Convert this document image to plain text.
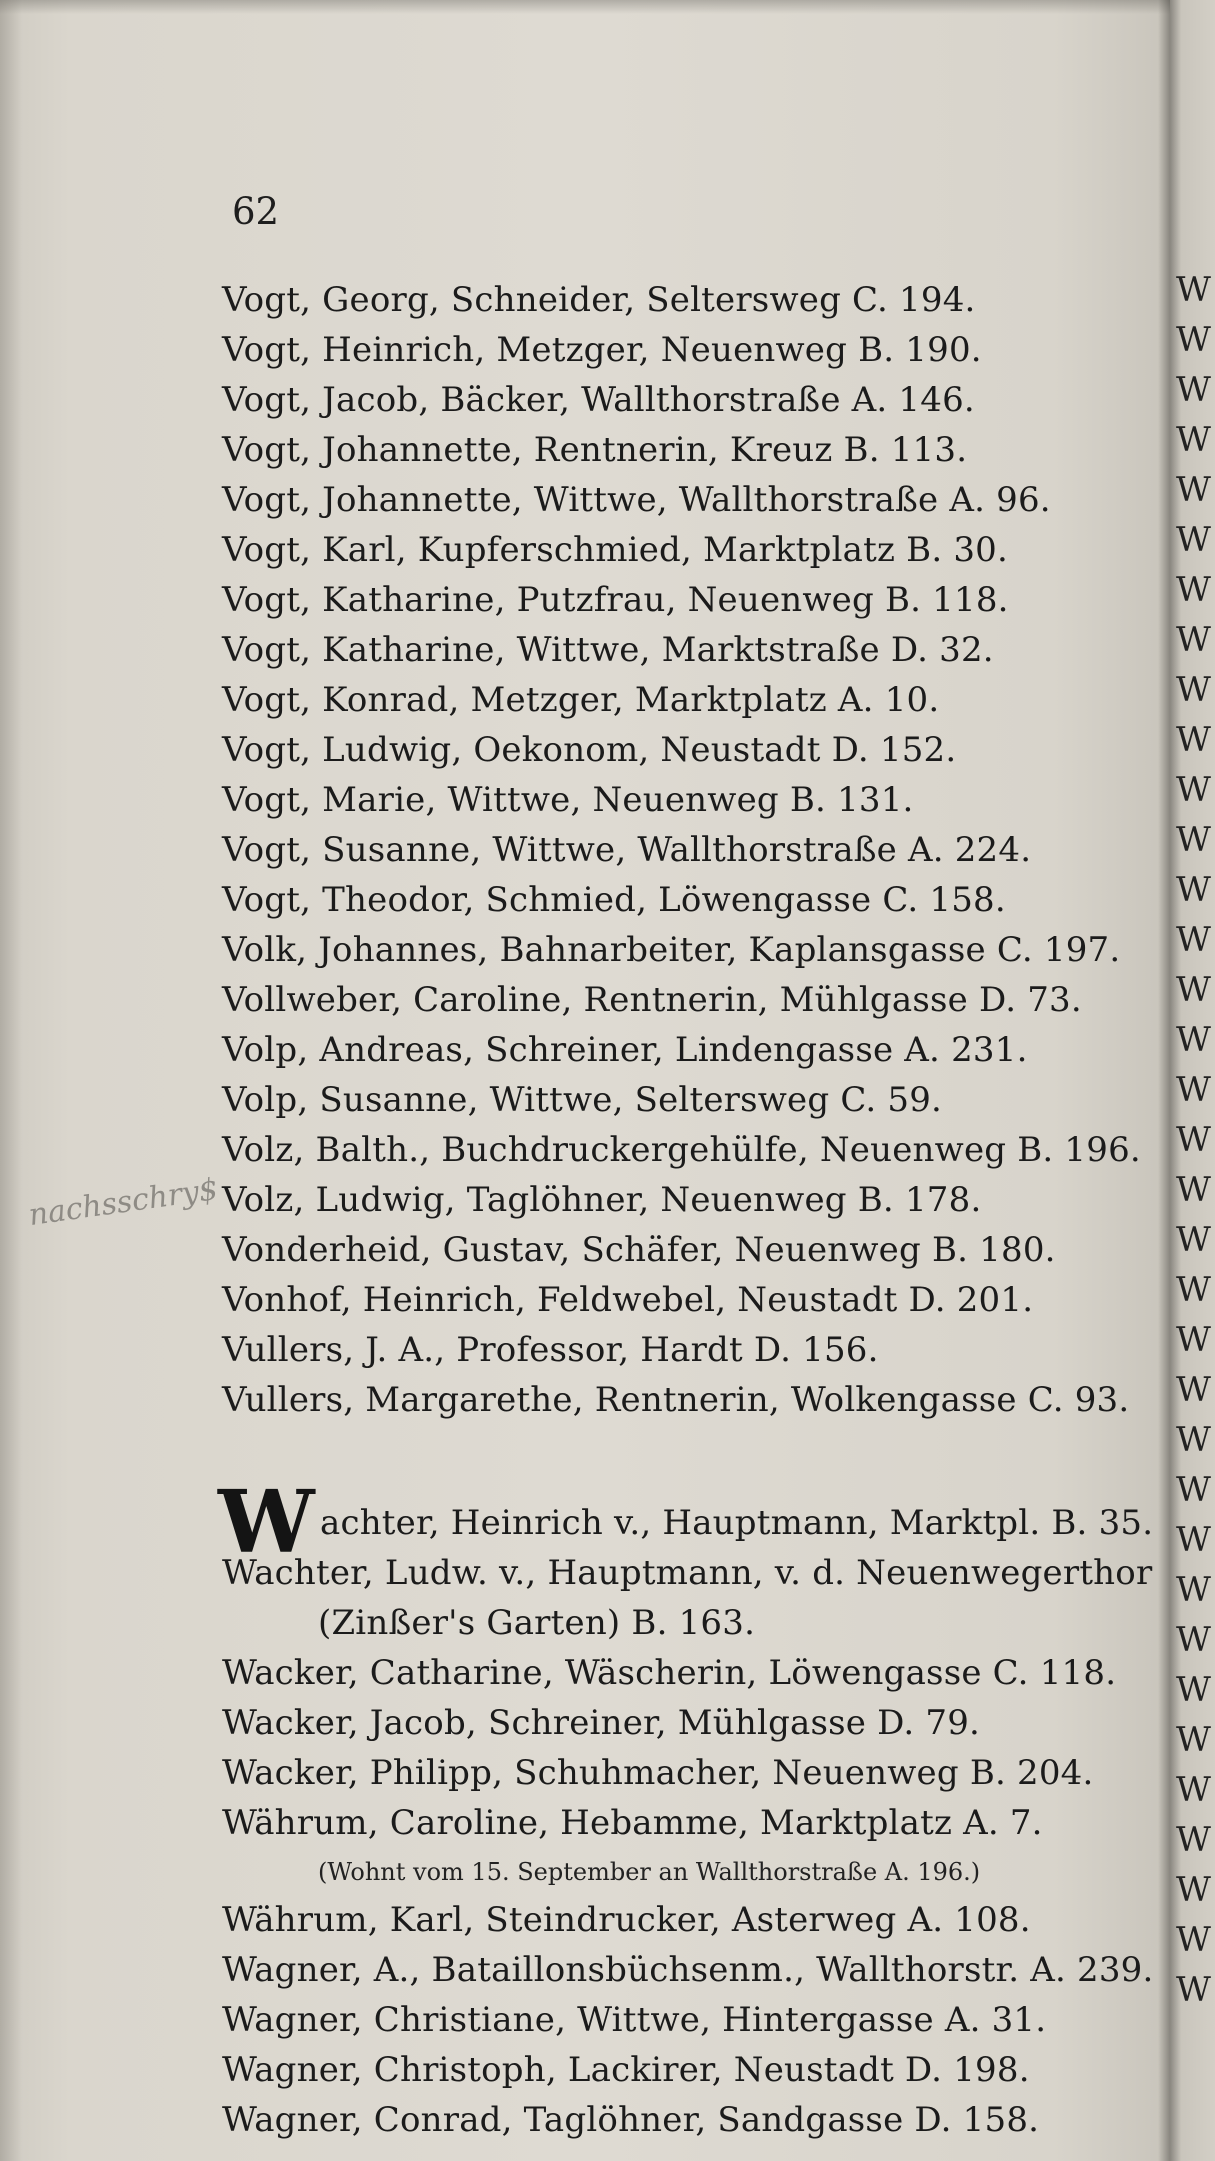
62
Vogt, Georg, Schneider, Seltersweg C. 194.
Vogt, Heinrich, Metzger, Neuenweg B. 190.
Vogt, Jacob, Bäcker, Wallthorstraße A. 146.
Vogt, Johannette, Rentnerin, Kreuz B. 113.
Vogt, Johannette, Wittwe, Wallthorstraße A. 96.
Vogt, Karl, Kupferschmied, Marktplatz B. 30.
Vogt, Katharine, Putzfrau, Neuenweg B. 118.
Vogt, Katharine, Wittwe, Marktstraße D. 32.
Vogt, Konrad, Metzger, Marktplatz A. 10.
Vogt, Ludwig, Oekonom, Neustadt D. 152.
Vogt, Marie, Wittwe, Neuenweg B. 131.
Vogt, Susanne, Wittwe, Wallthorstraße A. 224.
Vogt, Theodor, Schmied, Löwengasse C. 158.
Volk, Johannes, Bahnarbeiter, Kaplansgasse C. 197.
Vollweber, Caroline, Rentnerin, Mühlgasse D. 73.
Volp, Andreas, Schreiner, Lindengasse A. 231.
Volp, Susanne, Wittwe, Seltersweg C. 59.
Volz, Balth., Buchdruckergehülfe, Neuenweg B. 196.
Volz, Ludwig, Taglöhner, Neuenweg B. 178.
Vonderheid, Gustav, Schäfer, Neuenweg B. 180.
Vonhof, Heinrich, Feldwebel, Neustadt D. 201.
Vullers, J. A., Professor, Hardt D. 156.
Vullers, Margarethe, Rentnerin, Wolkengasse C. 93.
nachsschry$
W achter, Heinrich v., Hauptmann, Marktpl. B. 35.
Wachter, Ludw. v., Hauptmann, v. d. Neuenwegerthor
(Zinßer's Garten) B. 163.
Wacker, Catharine, Wäscherin, Löwengasse C. 118.
Wacker, Jacob, Schreiner, Mühlgasse D. 79.
Wacker, Philipp, Schuhmacher, Neuenweg B. 204.
Währum, Caroline, Hebamme, Marktplatz A. 7.
(Wohnt vom 15. September an Wallthorstraße A. 196.)
Währum, Karl, Steindrucker, Asterweg A. 108.
Wagner, A., Bataillonsbüchsenm., Wallthorstr. A. 239.
Wagner, Christiane, Wittwe, Hintergasse A. 31.
Wagner, Christoph, Lackirer, Neustadt D. 198.
Wagner, Conrad, Taglöhner, Sandgasse D. 158.
W
W
W
W
W
W
W
W
W
W
W
W
W
W
W
W
W
W
W
W
W
W
W
W
W
W
W
W
W
W
W
W
W
W
W
